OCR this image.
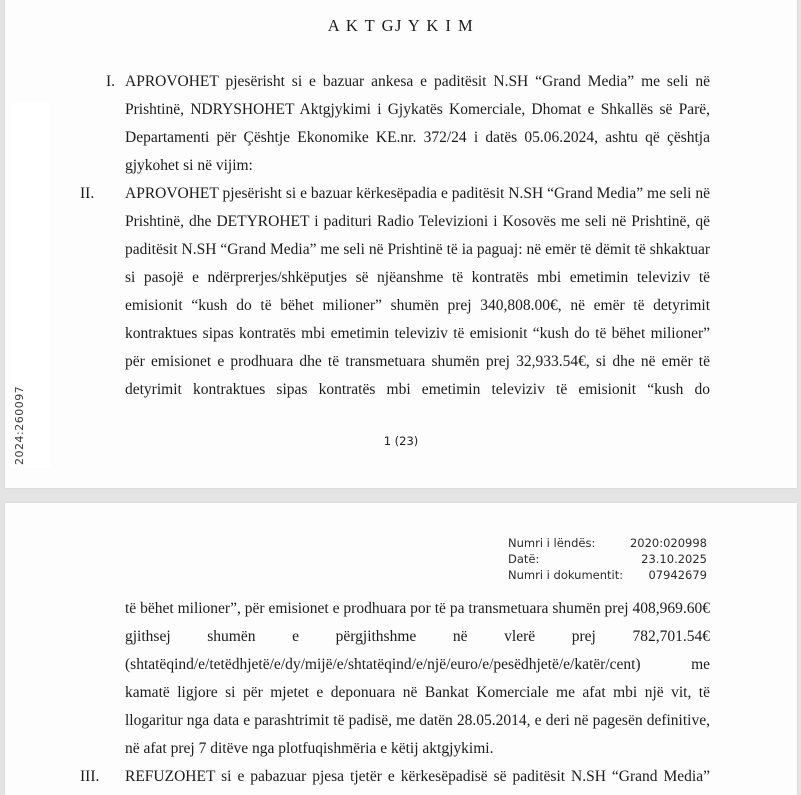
A K T GJ Y K I M
I. APROVOHET pjesërisht si e bazuar ankesa e paditësit N.SH “Grand Media” me seli në Prishtinë, NDRYSHOHET Aktgjykimi i Gjykatës Komerciale, Dhomat e Shkallës së Parë, Departamenti për Çështje Ekonomike KE.nr. 372/24 i datës 05.06.2024, ashtu që çështja gjykohet si në vijim:
II.	APROVOHET pjesërisht si e bazuar kërkesëpadia e paditësit N.SH “Grand Media” me seli në Prishtinë, dhe DETYROHET i padituri Radio Televizioni i Kosovës me seli në Prishtinë, që paditësit N.SH “Grand Media” me seli në Prishtinë të ia paguaj: në emër të dëmit të shkaktuar si pasojë e ndërprerjes/shkëputjes së njëanshme të kontratës mbi emetimin televiziv të emisionit “kush do të bëhet milioner” shumën prej 340,808.00€, në emër të detyrimit kontraktues sipas kontratës mbi emetimin televiziv të emisionit “kush do të bëhet milioner” për emisionet e prodhuara dhe të transmetuara shumën prej 32,933.54€, si dhe në emër të detyrimit kontraktues sipas kontratës mbi emetimin televiziv të emisionit “kush do
1 (23)
2024:260097
Numri i lëndës:	2020:020998
Datë:	23.10.2025
Numri i dokumentit: 07942679
të bëhet milioner”, për emisionet e prodhuara por të pa transmetuara shumën prej 408,969.60€ gjithsej shumën e përgjithshme në vlerë prej 782,701.54€ (shtatëqind/e/tetëdhjetë/e/dy/mijë/e/shtatëqind/e/një/euro/e/pesëdhjetë/e/katër/cent) me kamatë ligjore si për mjetet e deponuara në Bankat Komerciale me afat mbi një vit, të llogaritur nga data e parashtrimit të padisë, me datën 28.05.2014, e deri në pagesën definitive, në afat prej 7 ditëve nga plotfuqishmëria e këtij aktgjykimi.
III.	REFUZOHET si e pabazuar pjesa tjetër e kërkesëpadisë së paditësit N.SH “Grand Media”
